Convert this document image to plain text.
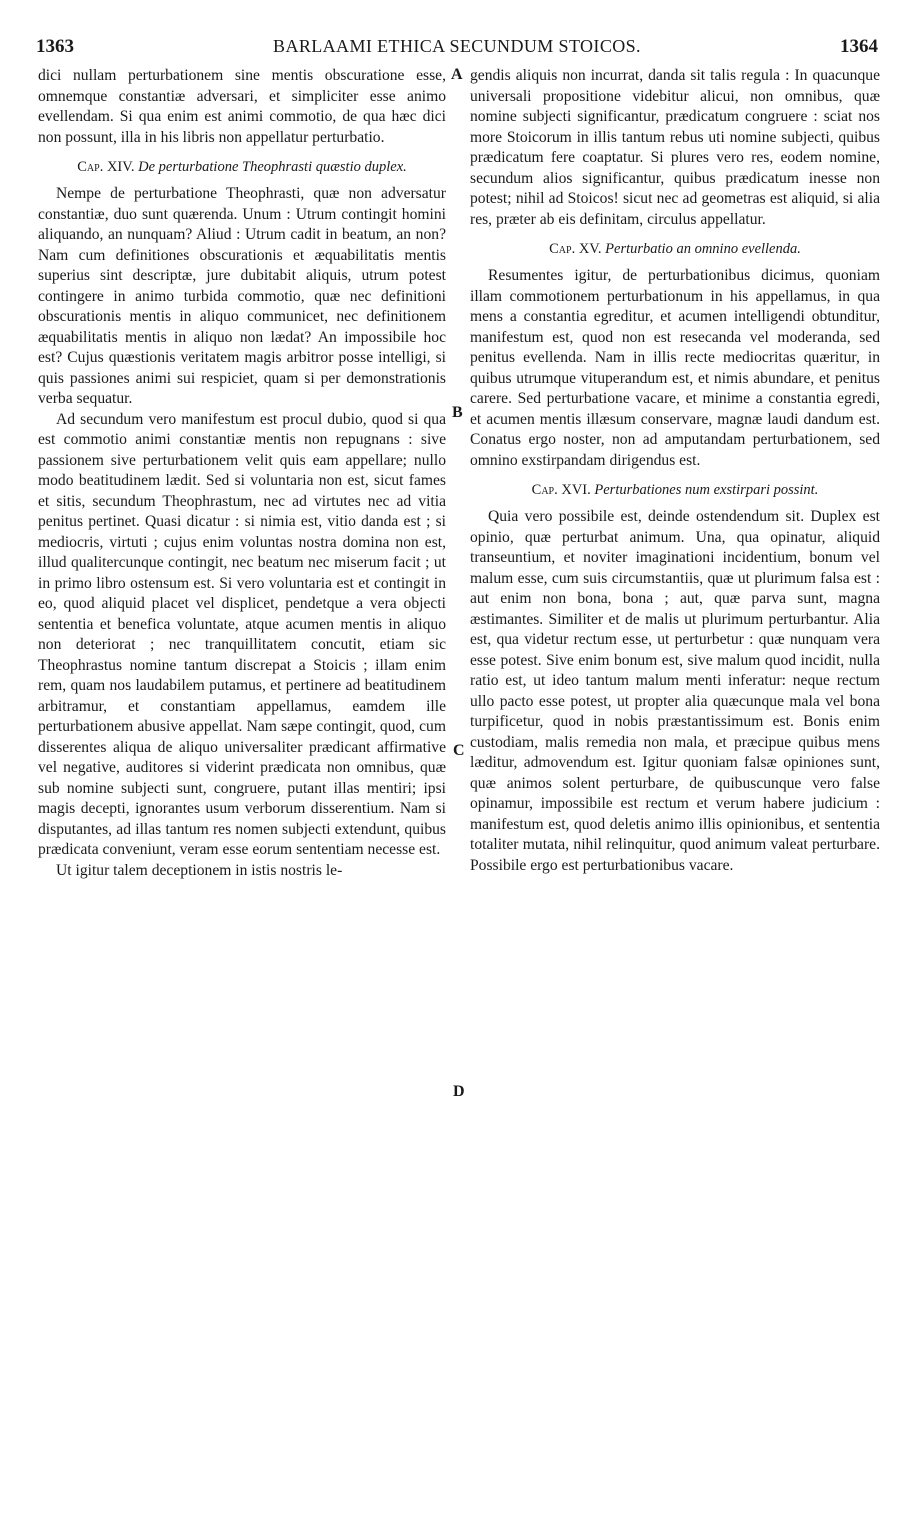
1363	BARLAAMI ETHICA SECUNDUM STOICOS.	1364
A
B
C
D

dici nullam perturbationem sine mentis obscuratione esse, omnemque constantiæ adversari, et simpliciter esse animo evellendam. Si qua enim est animi commotio, de qua hæc dici non possunt, illa in his libris non appellatur perturbatio.

Cap. XIV. De perturbatione Theophrasti quæstio duplex.

Nempe de perturbatione Theophrasti, quæ non adversatur constantiæ, duo sunt quærenda. Unum : Utrum contingit homini aliquando, an nunquam? Aliud : Utrum cadit in beatum, an non? Nam cum definitiones obscurationis et æquabilitatis mentis superius sint descriptæ, jure dubitabit aliquis, utrum potest contingere in animo turbida commotio, quæ nec definitioni obscurationis mentis in aliquo communicet, nec definitionem æquabilitatis mentis in aliquo non lædat? An impossibile hoc est? Cujus quæstionis veritatem magis arbitror posse intelligi, si quis passiones animi sui respiciet, quam si per demonstrationis verba sequatur.

Ad secundum vero manifestum est procul dubio, quod si qua est commotio animi constantiæ mentis non repugnans : sive passionem sive perturbationem velit quis eam appellare; nullo modo beatitudinem lædit. Sed si voluntaria non est, sicut fames et sitis, secundum Theophrastum, nec ad virtutes nec ad vitia penitus pertinet. Quasi dicatur : si nimia est, vitio danda est ; si mediocris, virtuti ; cujus enim voluntas nostra domina non est, illud qualitercunque contingit, nec beatum nec miserum facit ; ut in primo libro ostensum est. Si vero voluntaria est et contingit in eo, quod aliquid placet vel displicet, pendetque a vera objecti sententia et benefica voluntate, atque acumen mentis in aliquo non deteriorat ; nec tranquillitatem concutit, etiam sic Theophrastus nomine tantum discrepat a Stoicis ; illam enim rem, quam nos laudabilem putamus, et pertinere ad beatitudinem arbitramur, et constantiam appellamus, eamdem ille perturbationem abusive appellat. Nam sæpe contingit, quod, cum disserentes aliqua de aliquo universaliter prædicant affirmative vel negative, auditores si viderint prædicata non omnibus, quæ sub nomine subjecti sunt, congruere, putant illas mentiri; ipsi magis decepti, ignorantes usum verborum disserentium. Nam si disputantes, ad illas tantum res nomen subjecti extendunt, quibus prædicata conveniunt, veram esse eorum sententiam necesse est.

Ut igitur talem deceptionem in istis nostris le-

gendis aliquis non incurrat, danda sit talis regula : In quacunque universali propositione videbitur alicui, non omnibus, quæ nomine subjecti significantur, prædicatum congruere : sciat nos more Stoicorum in illis tantum rebus uti nomine subjecti, quibus prædicatum fere coaptatur. Si plures vero res, eodem nomine, secundum alios significantur, quibus prædicatum inesse non potest; nihil ad Stoicos! sicut nec ad geometras est aliquid, si alia res, præter ab eis definitam, circulus appellatur.

Cap. XV. Perturbatio an omnino evellenda.

Resumentes igitur, de perturbationibus dicimus, quoniam illam commotionem perturbationum in his appellamus, in qua mens a constantia egreditur, et acumen intelligendi obtunditur, manifestum est, quod non est resecanda vel moderanda, sed penitus evellenda. Nam in illis recte mediocritas quæritur, in quibus utrumque vituperandum est, et nimis abundare, et penitus carere. Sed perturbatione vacare, et minime a constantia egredi, et acumen mentis illæsum conservare, magnæ laudi dandum est. Conatus ergo noster, non ad amputandam perturbationem, sed omnino exstirpandam dirigendus est.

Cap. XVI. Perturbationes num exstirpari possint.

Quia vero possibile est, deinde ostendendum sit. Duplex est opinio, quæ perturbat animum. Una, qua opinatur, aliquid transeuntium, et noviter imaginationi incidentium, bonum vel malum esse, cum suis circumstantiis, quæ ut plurimum falsa est : aut enim non bona, bona ; aut, quæ parva sunt, magna æstimantes. Similiter et de malis ut plurimum perturbantur. Alia est, qua videtur rectum esse, ut perturbetur : quæ nunquam vera esse potest. Sive enim bonum est, sive malum quod incidit, nulla ratio est, ut ideo tantum malum menti inferatur: neque rectum ullo pacto esse potest, ut propter alia quæcunque mala vel bona turpificetur, quod in nobis præstantissimum est. Bonis enim custodiam, malis remedia non mala, et præcipue quibus mens læditur, admovendum est. Igitur quoniam falsæ opiniones sunt, quæ animos solent perturbare, de quibuscunque vero false opinamur, impossibile est rectum et verum habere judicium : manifestum est, quod deletis animo illis opinionibus, et sententia totaliter mutata, nihil relinquitur, quod animum valeat perturbare. Possibile ergo est perturbationibus vacare.
